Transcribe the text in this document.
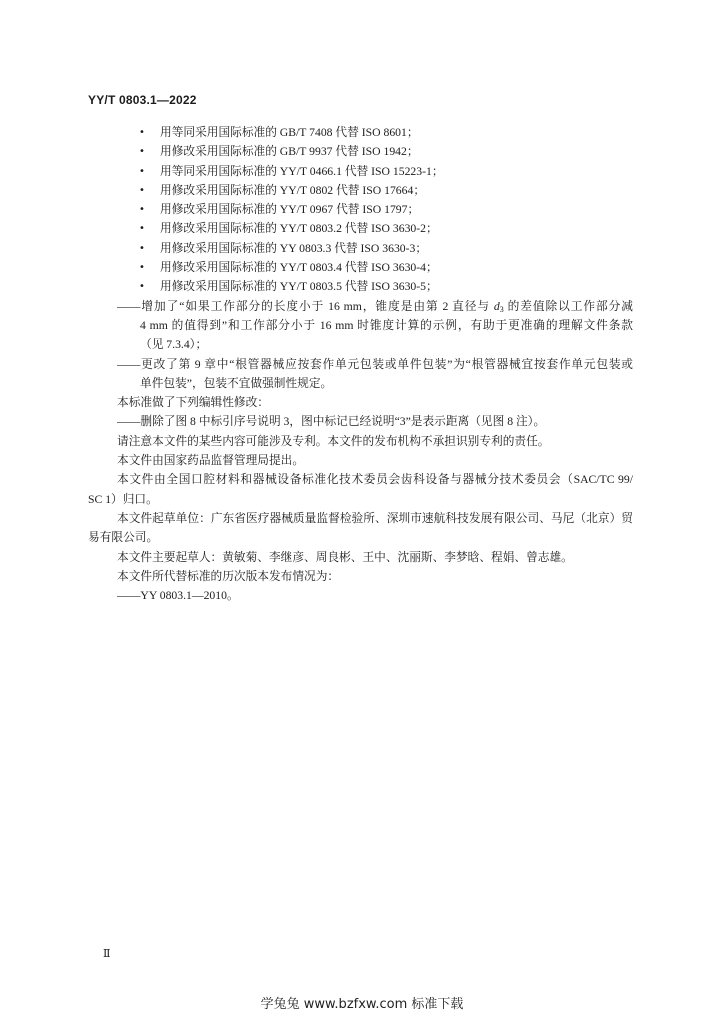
YY/T 0803.1—2022
• 用等同采用国际标准的 GB/T 7408 代替 ISO 8601；
• 用修改采用国际标准的 GB/T 9937 代替 ISO 1942；
• 用等同采用国际标准的 YY/T 0466.1 代替 ISO 15223-1；
• 用修改采用国际标准的 YY/T 0802 代替 ISO 17664；
• 用修改采用国际标准的 YY/T 0967 代替 ISO 1797；
• 用修改采用国际标准的 YY/T 0803.2 代替 ISO 3630-2；
• 用修改采用国际标准的 YY 0803.3 代替 ISO 3630-3；
• 用修改采用国际标准的 YY/T 0803.4 代替 ISO 3630-4；
• 用修改采用国际标准的 YY/T 0803.5 代替 ISO 3630-5；
——增加了“如果工作部分的长度小于 16 mm，锥度是由第 2 直径与 $d_3$ 的差值除以工作部分减
4 mm 的值得到”和工作部分小于 16 mm 时锥度计算的示例，有助于更准确的理解文件条款
（见 7.3.4）；
——更改了第 9 章中“根管器械应按套作单元包装或单件包装”为“根管器械宜按套作单元包装或
单件包装”，包装不宜做强制性规定。
本标准做了下列编辑性修改：
——删除了图 8 中标引序号说明 3，图中标记已经说明“3”是表示距离（见图 8 注）。
请注意本文件的某些内容可能涉及专利。本文件的发布机构不承担识别专利的责任。
本文件由国家药品监督管理局提出。
本文件由全国口腔材料和器械设备标准化技术委员会齿科设备与器械分技术委员会（SAC/TC 99/
SC 1）归口。
本文件起草单位：广东省医疗器械质量监督检验所、深圳市速航科技发展有限公司、马尼（北京）贸
易有限公司。
本文件主要起草人：黄敏菊、李继彦、周良彬、王中、沈丽斯、李梦晗、程娟、曾志雄。
本文件所代替标准的历次版本发布情况为：
——YY 0803.1—2010。
Ⅱ
学兔兔 www.bzfxw.com 标准下载
